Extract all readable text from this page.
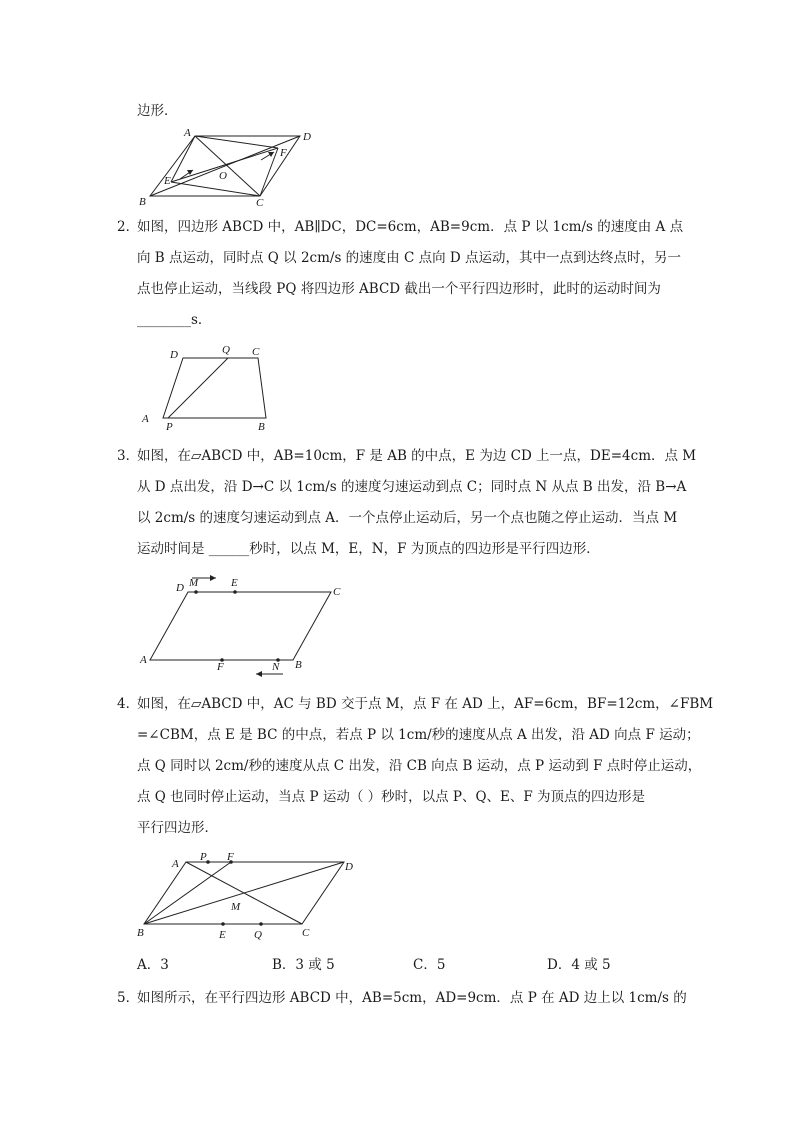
边形．
A	D
B	C
E
F
O
2．
如图，四边形 ABCD 中，AB∥DC，DC=6cm，AB=9cm．点 P 以 1cm/s 的速度由 A 点
向 B 点运动，同时点 Q 以 2cm/s 的速度由 C 点向 D 点运动，其中一点到达终点时，另一
点也停止运动，当线段 PQ 将四边形 ABCD 截出一个平行四边形时，此时的运动时间为
________s．
D	Q C
A
P	B
3．
如图，在▱ABCD 中，AB=10cm，F 是 AB 的中点，E 为边 CD 上一点，DE=4cm．点 M
从 D 点出发，沿 D→C 以 1cm/s 的速度匀速运动到点 C；同时点 N 从点 B 出发，沿 B→A
以 2cm/s 的速度匀速运动到点 A．一个点停止运动后，另一个点也随之停止运动．当点 M
运动时间是 ______秒时，以点 M，E，N，F 为顶点的四边形是平行四边形．
D M	E
C
A
F	N B
4．
如图，在▱ABCD 中，AC 与 BD 交于点 M，点 F 在 AD 上，AF=6cm，BF=12cm，∠FBM
=∠CBM，点 E 是 BC 的中点，若点 P 以 1cm/秒的速度从点 A 出发，沿 AD 向点 F 运动；
点 Q 同时以 2cm/秒的速度从点 C 出发，沿 CB 向点 B 运动，点 P 运动到 F 点时停止运动，
点 Q 也同时停止运动，当点 P 运动（ ）秒时，以点 P、Q、E、F 为顶点的四边形是
平行四边形．
A
P F
D
M
B	E	Q	C
A．3	B．3 或 5	C．5	D．4 或 5
5．
如图所示，在平行四边形 ABCD 中，AB=5cm，AD=9cm．点 P 在 AD 边上以 1cm/s 的
